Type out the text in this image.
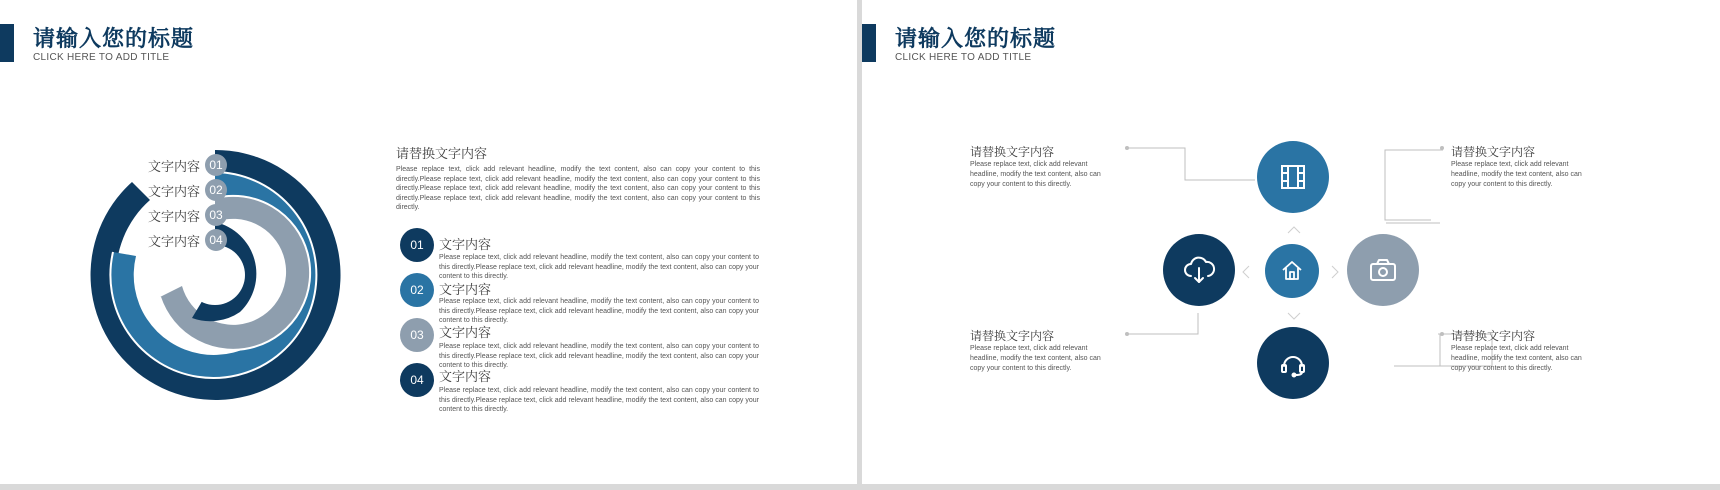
请输入您的标题
CLICK HERE TO ADD TITLE
文字内容
文字内容
文字内容
文字内容
01
02
03
04
请替换文字内容
Please replace text, click add relevant headline, modify the text content, also can copy your content to this directly.Please replace text, click add relevant headline, modify the text content, also can copy your content to this directly.Please replace text, click add relevant headline, modify the text content, also can copy your content to this directly.Please replace text, click add relevant headline, modify the text content, also can copy your content to this directly.
01	文字内容
Please replace text, click add relevant headline, modify the text content, also can copy your content to this directly.Please replace text, click add relevant headline, modify the text content, also can copy your content to this directly.
02	文字内容
Please replace text, click add relevant headline, modify the text content, also can copy your content to this directly.Please replace text, click add relevant headline, modify the text content, also can copy your content to this directly.
03	文字内容
Please replace text, click add relevant headline, modify the text content, also can copy your content to this directly.Please replace text, click add relevant headline, modify the text content, also can copy your content to this directly.
04	文字内容
Please replace text, click add relevant headline, modify the text content, also can copy your content to this directly.Please replace text, click add relevant headline, modify the text content, also can copy your content to this directly.
请输入您的标题
CLICK HERE TO ADD TITLE
请替换文字内容
Please replace text, click add relevant headline, modify the text content, also can copy your content to this directly.
请替换文字内容
Please replace text, click add relevant headline, modify the text content, also can copy your content to this directly.
请替换文字内容
Please replace text, click add relevant headline, modify the text content, also can copy your content to this directly.
请替换文字内容
Please replace text, click add relevant headline, modify the text content, also can copy your content to this directly.
